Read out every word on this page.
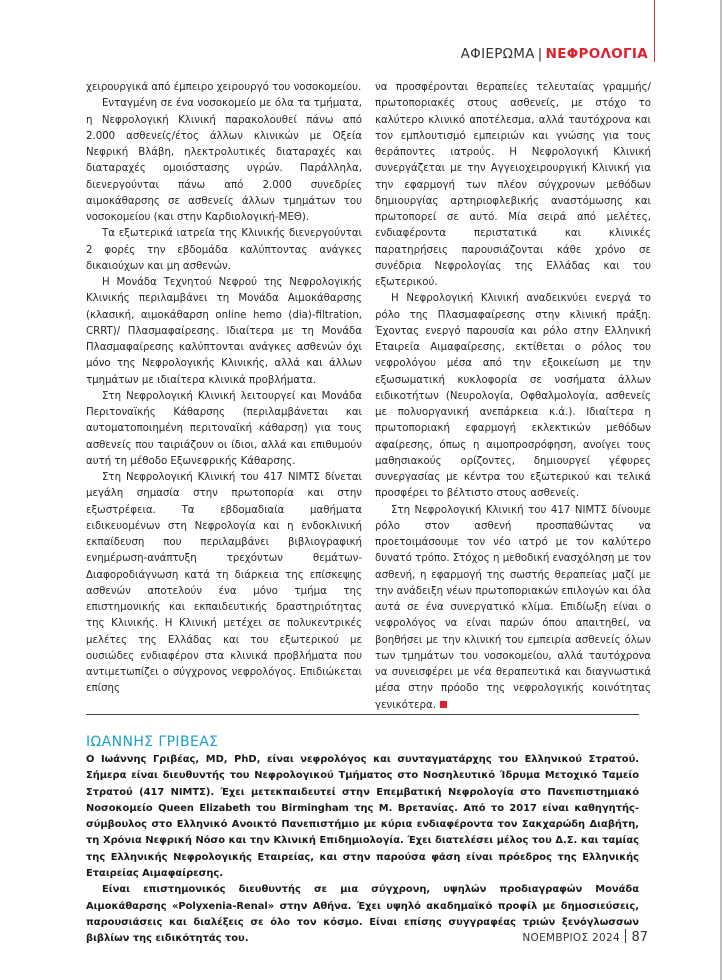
ΑΦΙΕΡΩΜΑ | ΝΕΦΡΟΛΟΓΙΑ

χειρουργικά από έμπειρο χειρουργό του νοσοκομείου.

Ενταγμένη σε ένα νοσοκομείο με όλα τα τμήματα, η Νεφρολογική Κλινική παρακολουθεί πάνω από 2.000 ασθενείς/έτος άλλων κλινικών με Οξεία Νεφρική Βλάβη, ηλεκτρολυτικές διαταραχές και διαταραχές ομοιόστασης υγρών. Παράλληλα, διενεργούνται πάνω από 2.000 συνεδρίες αιμοκάθαρσης σε ασθενείς άλλων τμημάτων του νοσοκομείου (και στην Καρδιολογική-ΜΕΘ).

Τα εξωτερικά ιατρεία της Κλινικής διενεργούνται 2 φορές την εβδομάδα καλύπτοντας ανάγκες δικαιούχων και μη ασθενών.

Η Μονάδα Τεχνητού Νεφρού της Νεφρολογικής Κλινικής περιλαμβάνει τη Μονάδα Αιμοκάθαρσης (κλασική, αιμοκάθαρση online hemo (dia)-filtration, CRRT)/ Πλασμαφαίρεσης. Ιδιαίτερα με τη Μονάδα Πλασμαφαίρεσης καλύπτονται ανάγκες ασθενών όχι μόνο της Νεφρολογικής Κλινικής, αλλά και άλλων τμημάτων με ιδιαίτερα κλινικά προβλήματα.

Στη Νεφρολογική Κλινική λειτουργεί και Μονάδα Περιτοναϊκής Κάθαρσης (περιλαμβάνεται και αυτοματοποιημένη περιτοναϊκή κάθαρση) για τους ασθενείς που ταιριάζουν οι ίδιοι, αλλά και επιθυμούν αυτή τη μέθοδο Εξωνεφρικής Κάθαρσης.

Στη Νεφρολογική Κλινική του 417 ΝΙΜΤΣ δίνεται μεγάλη σημασία στην πρωτοπορία και στην εξωστρέφεια. Τα εβδομαδιαία μαθήματα ειδικευομένων στη Νεφρολογία και η ενδοκλινική εκπαίδευση που περιλαμβάνει βιβλιογραφική ενημέρωση-ανάπτυξη τρεχόντων θεμάτων-Διαφοροδιάγνωση κατά τη διάρκεια της επίσκεψης ασθενών αποτελούν ένα μόνο τμήμα της επιστημονικής και εκπαιδευτικής δραστηριότητας της Κλινικής. Η Κλινική μετέχει σε πολυκεντρικές μελέτες της Ελλάδας και του εξωτερικού με ουσιώδες ενδιαφέρον στα κλινικά προβλήματα που αντιμετωπίζει ο σύγχρονος νεφρολόγος. Επιδιώκεται επίσης

να προσφέρονται θεραπείες τελευταίας γραμμής/ πρωτοποριακές στους ασθενείς, με στόχο το καλύτερο κλινικό αποτέλεσμα, αλλά ταυτόχρονα και τον εμπλουτισμό εμπειριών και γνώσης για τους θεράποντες ιατρούς. Η Νεφρολογική Κλινική συνεργάζεται με την Αγγειοχειρουργική Κλινική για την εφαρμογή των πλέον σύγχρονων μεθόδων δημιουργίας αρτηριοφλεβικής αναστόμωσης και πρωτοπορεί σε αυτό. Μία σειρά από μελέτες, ενδιαφέροντα περιστατικά και κλινικές παρατηρήσεις παρουσιάζονται κάθε χρόνο σε συνέδρια Νεφρολογίας της Ελλάδας και του εξωτερικού.

Η Νεφρολογική Κλινική αναδεικνύει ενεργά το ρόλο της Πλασμαφαίρεσης στην κλινική πράξη. Έχοντας ενεργό παρουσία και ρόλο στην Ελληνική Εταιρεία Αιμαφαίρεσης, εκτίθεται ο ρόλος του νεφρολόγου μέσα από την εξοικείωση με την εξωσωματική κυκλοφορία σε νοσήματα άλλων ειδικοτήτων (Νευρολογία, Οφθαλμολογία, ασθενείς με πολυοργανική ανεπάρκεια κ.ά.). Ιδιαίτερα η πρωτοποριακή εφαρμογή εκλεκτικών μεθόδων αφαίρεσης, όπως η αιμοπροσρόφηση, ανοίγει τους μαθησιακούς ορίζοντες, δημιουργεί γέφυρες συνεργασίας με κέντρα του εξωτερικού και τελικά προσφέρει το βέλτιστο στους ασθενείς.

Στη Νεφρολογική Κλινική του 417 ΝΙΜΤΣ δίνουμε ρόλο στον ασθενή προσπαθώντας να προετοιμάσουμε τον νέο ιατρό με τον καλύτερο δυνατό τρόπο. Στόχος η μεθοδική ενασχόληση με τον ασθενή, η εφαρμογή της σωστής θεραπείας μαζί με την ανάδειξη νέων πρωτοποριακών επιλογών και όλα αυτά σε ένα συνεργατικό κλίμα. Επιδίωξη είναι ο νεφρολόγος να είναι παρών όπου απαιτηθεί, να βοηθήσει με την κλινική του εμπειρία ασθενείς όλων των τμημάτων του νοσοκομείου, αλλά ταυτόχρονα να συνεισφέρει με νέα θεραπευτικά και διαγνωστικά μέσα στην πρόοδο της νεφρολογικής κοινότητας γενικότερα.

ΙΩΑΝΝΗΣ ΓΡΙΒΕΑΣ

Ο Ιωάννης Γριβέας, MD, PhD, είναι νεφρολόγος και συνταγματάρχης του Ελληνικού Στρατού. Σήμερα είναι διευθυντής του Νεφρολογικού Τμήματος στο Νοσηλευτικό Ίδρυμα Μετοχικό Ταμείο Στρατού (417 ΝΙΜΤΣ). Έχει μετεκπαιδευτεί στην Επεμβατική Νεφρολογία στο Πανεπιστημιακό Νοσοκομείο Queen Elizabeth του Birmingham της Μ. Βρετανίας. Από το 2017 είναι καθηγητής-σύμβουλος στο Ελληνικό Ανοικτό Πανεπιστήμιο με κύρια ενδιαφέροντα τον Σακχαρώδη Διαβήτη, τη Χρόνια Νεφρική Νόσο και την Κλινική Επιδημιολογία. Έχει διατελέσει μέλος του Δ.Σ. και ταμίας της Ελληνικής Νεφρολογικής Εταιρείας, και στην παρούσα φάση είναι πρόεδρος της Ελληνικής Εταιρείας Αιμαφαίρεσης.

Είναι επιστημονικός διευθυντής σε μια σύγχρονη, υψηλών προδιαγραφών Μονάδα Αιμοκάθαρσης «Polyxenia-Renal» στην Αθήνα. Έχει υψηλό ακαδημαϊκό προφίλ με δημοσιεύσεις, παρουσιάσεις και διαλέξεις σε όλο τον κόσμο. Είναι επίσης συγγραφέας τριών ξενόγλωσσων βιβλίων της ειδικότητάς του.	ΝΟΕΜΒΡΙΟΣ 2024 87
